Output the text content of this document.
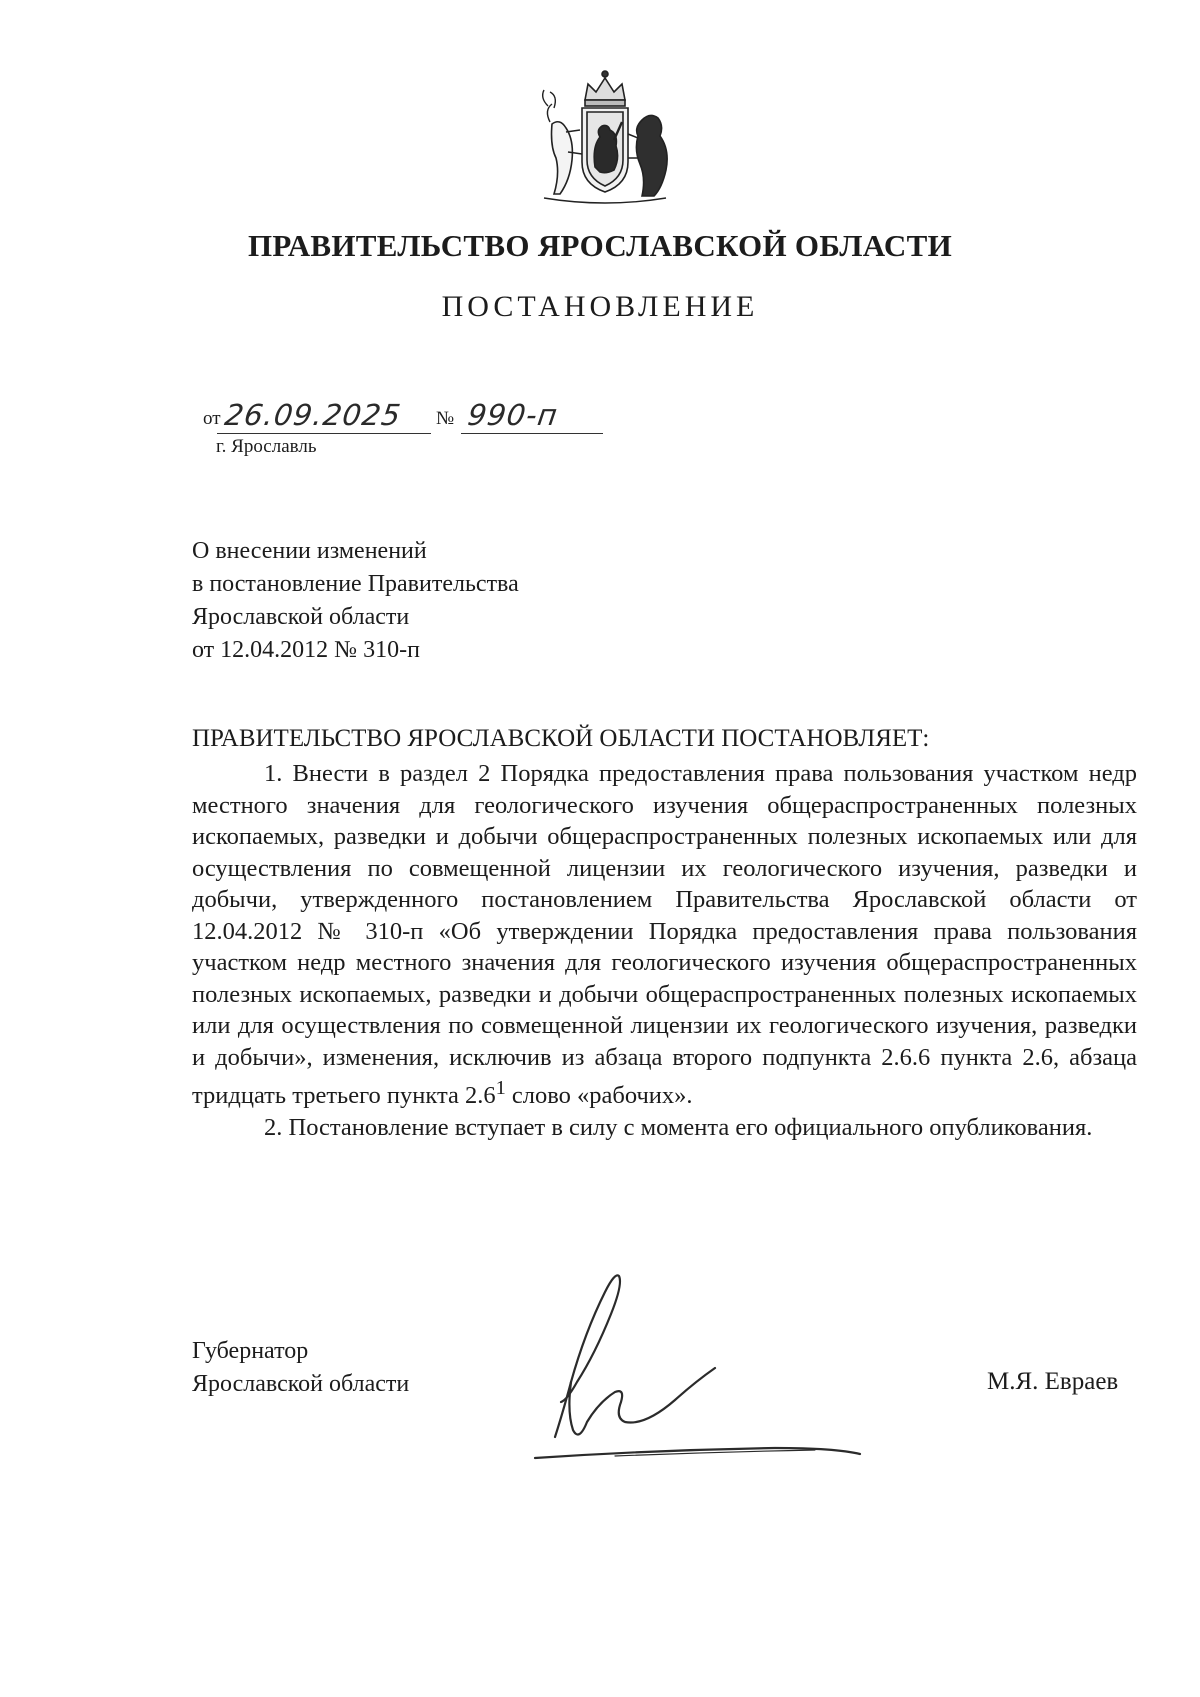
ПРАВИТЕЛЬСТВО ЯРОСЛАВСКОЙ ОБЛАСТИ
ПОСТАНОВЛЕНИЕ
от 26.09.2025	№ 990-п
г. Ярославль
О внесении изменений
в постановление Правительства
Ярославской области
от 12.04.2012 № 310-п
ПРАВИТЕЛЬСТВО ЯРОСЛАВСКОЙ ОБЛАСТИ ПОСТАНОВЛЯЕТ:

1. Внести в раздел 2 Порядка предоставления права пользования участком недр местного значения для геологического изучения общераспространенных полезных ископаемых, разведки и добычи общераспространенных полезных ископаемых или для осуществления по совмещенной лицензии их геологического изучения, разведки и добычи, утвержденного постановлением Правительства Ярославской области от 12.04.2012 № 310-п «Об утверждении Порядка предоставления права пользования участком недр местного значения для геологического изучения общераспространенных полезных ископаемых, разведки и добычи общераспространенных полезных ископаемых или для осуществления по совмещенной лицензии их геологического изучения, разведки и добычи», изменения, исключив из абзаца второго подпункта 2.6.6 пункта 2.6, абзаца тридцать третьего пункта $2.6^1$ слово «рабочих».

2. Постановление вступает в силу с момента его официального опубликования.

Губернатор
Ярославской области	М.Я. Евраев
